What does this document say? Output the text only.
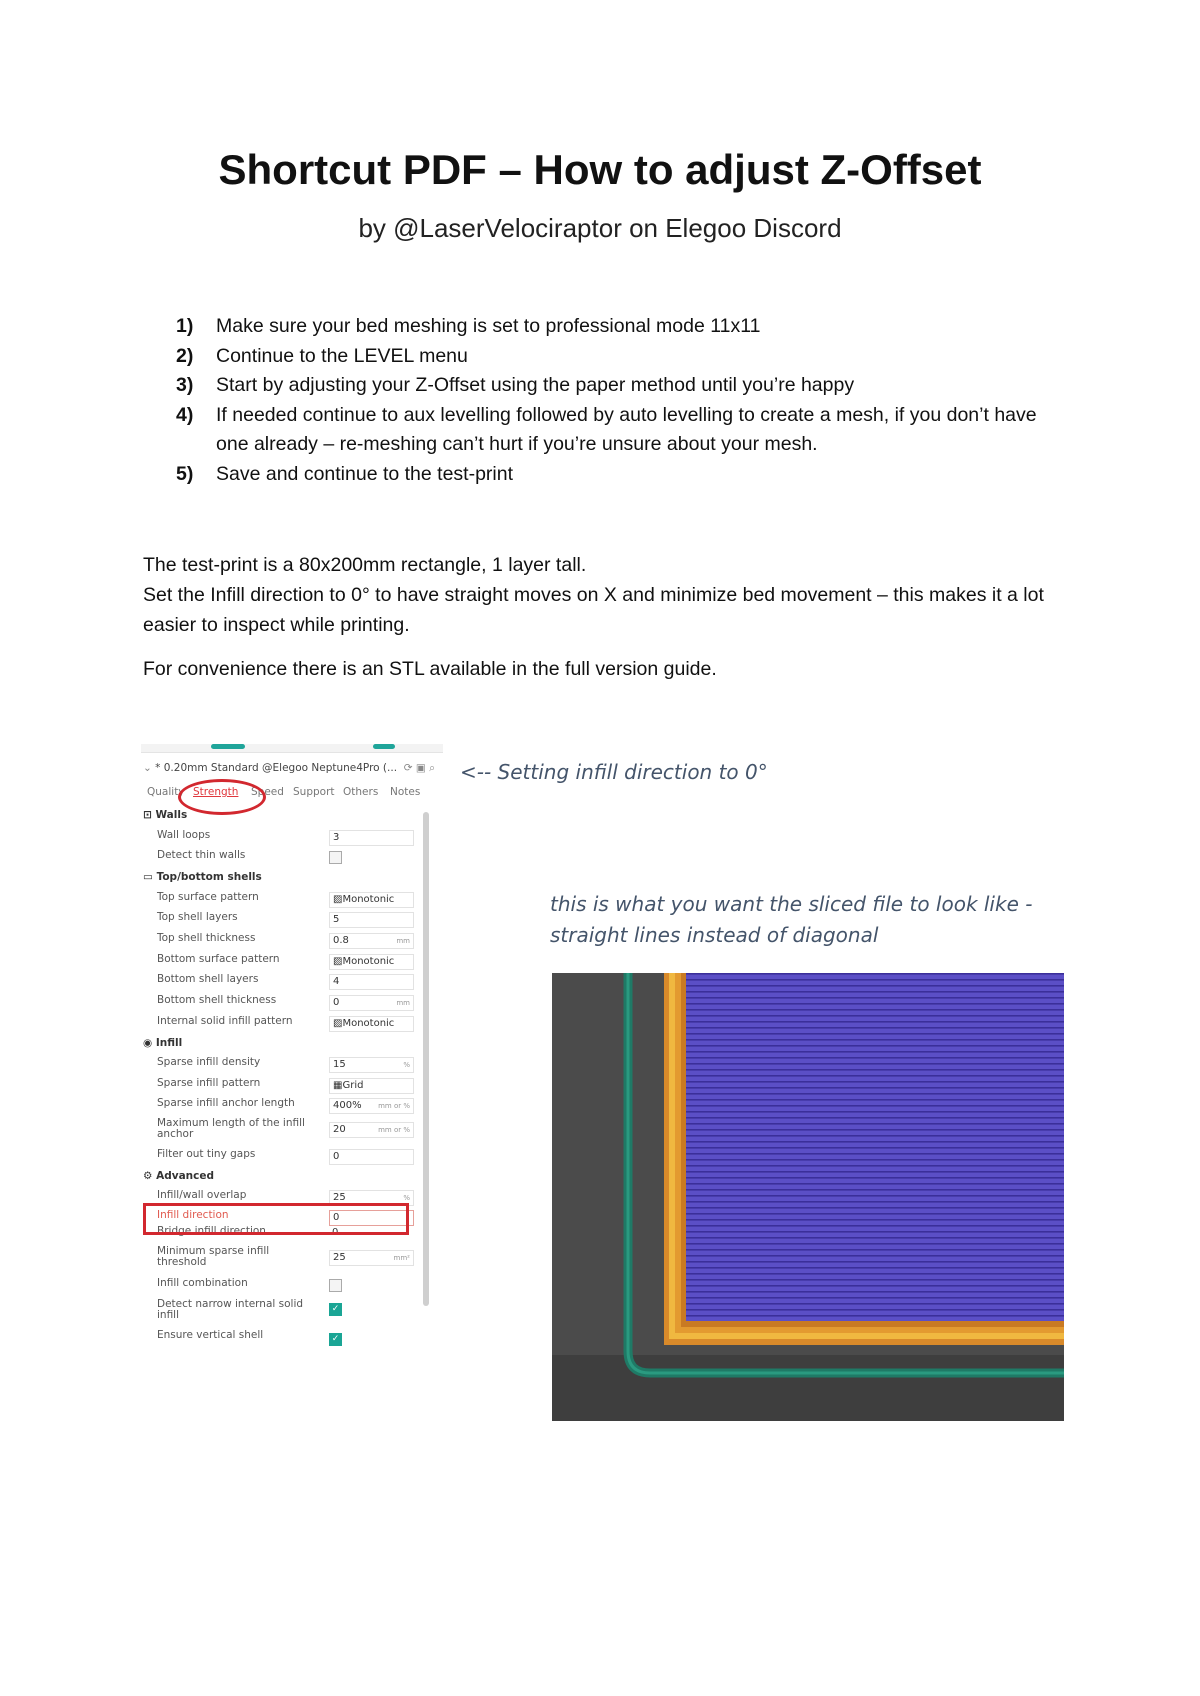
Shortcut PDF – How to adjust Z-Offset
by @LaserVelociraptor on Elegoo Discord
1) Make sure your bed meshing is set to professional mode 11x11
2) Continue to the LEVEL menu
3) Start by adjusting your Z-Offset using the paper method until you’re happy
4) If needed continue to aux levelling followed by auto levelling to create a mesh, if you don’t have one already – re-meshing can’t hurt if you’re unsure about your mesh.
5) Save and continue to the test-print
The test-print is a 80x200mm rectangle, 1 layer tall.
Set the Infill direction to 0° to have straight moves on X and minimize bed movement – this makes it a lot easier to inspect while printing.
For convenience there is an STL available in the full version guide.
⌄ * 0.20mm Standard @Elegoo Neptune4Pro (... ⟳ ▣ ⌕
Quality Strength Speed Support Others Notes
⊡ Walls
Wall loops	3
Detect thin walls
▭ Top/bottom shells
Top surface pattern	▨Monotonic
Top shell layers	5
Top shell thickness	0.8	mm
Bottom surface pattern	▨Monotonic
Bottom shell layers	4
Bottom shell thickness	0	mm
Internal solid infill pattern	▨Monotonic
◉ Infill
Sparse infill density	15	%
Sparse infill pattern	▦Grid
Sparse infill anchor length	400% mm or %
Maximum length of the infill anchor	20	mm or %
Filter out tiny gaps	0
⚙ Advanced
Infill/wall overlap	25	%
Infill direction	0
Bridge infill direction	0
Minimum sparse infill threshold	25	mm²
Infill combination
Detect narrow internal solid infill	✓
Ensure vertical shell	✓
<-- Setting infill direction to 0°
this is what you want the sliced file to look like -
straight lines instead of diagonal
